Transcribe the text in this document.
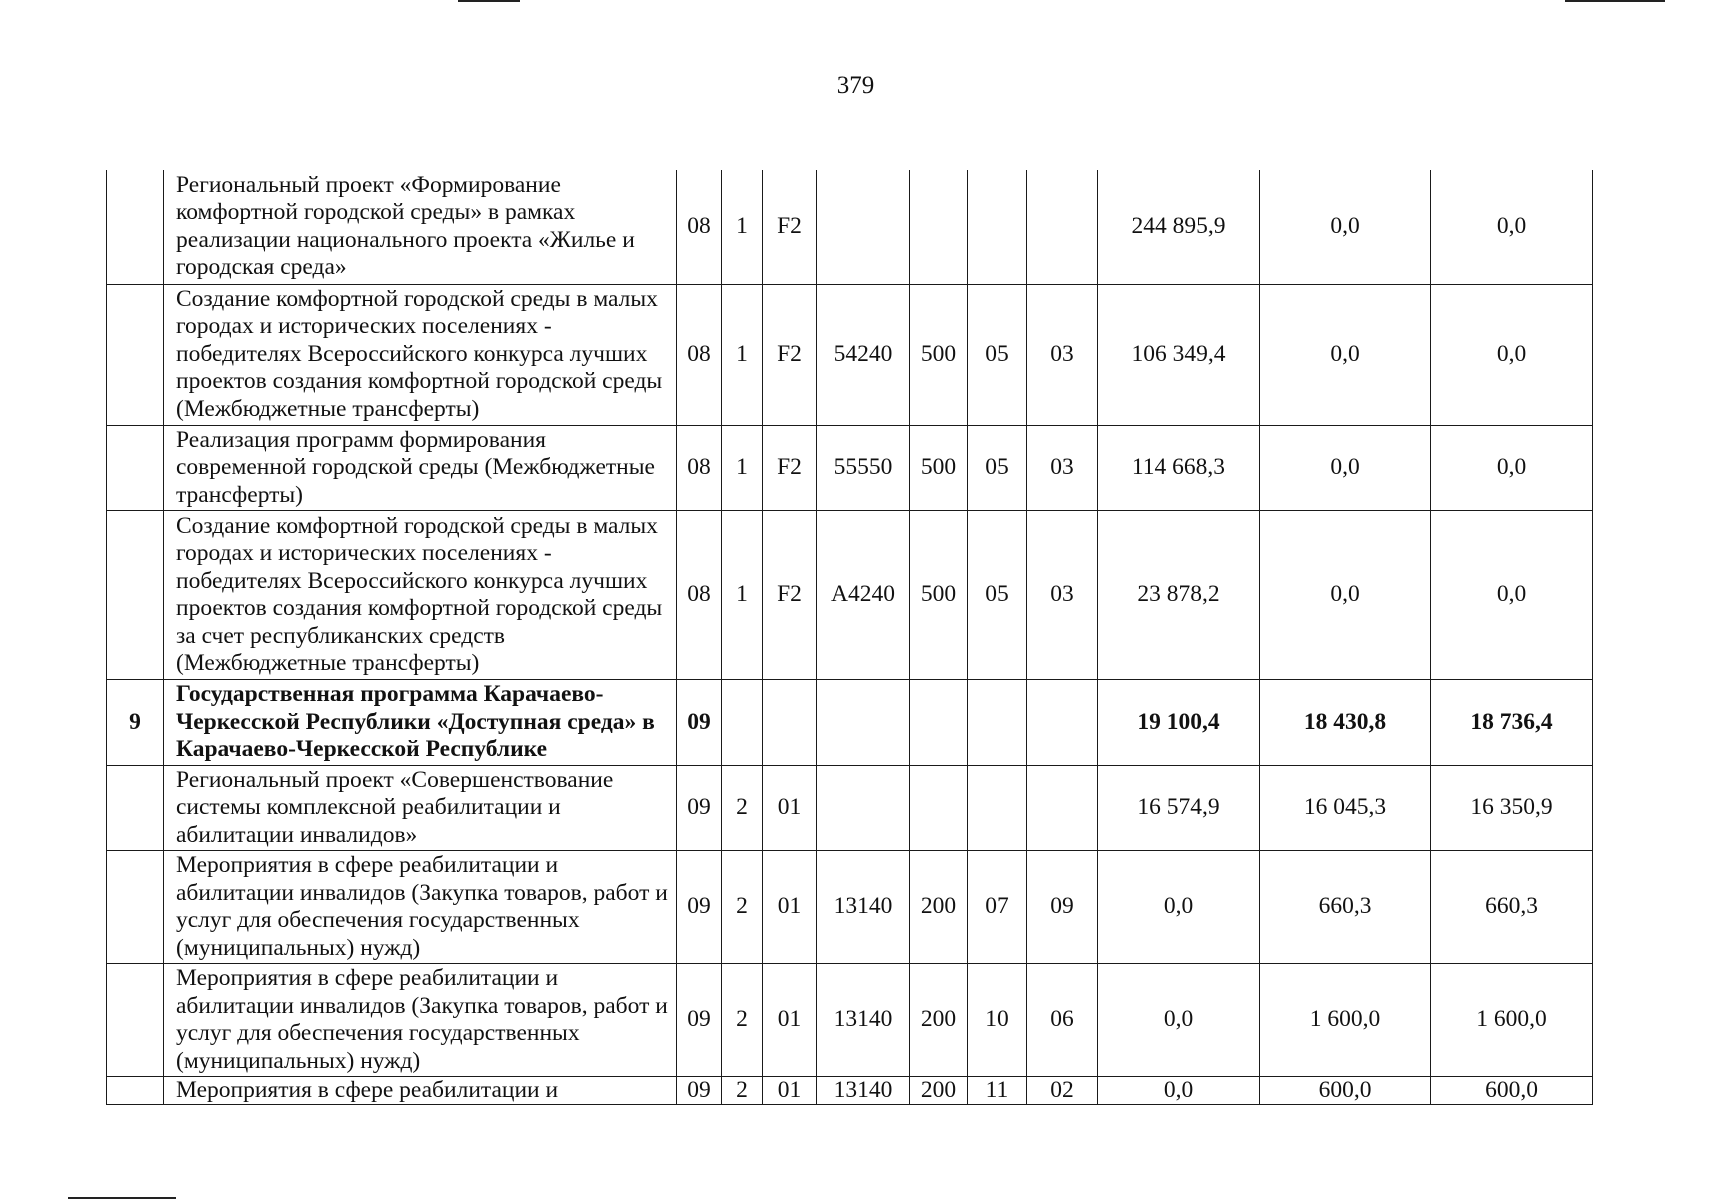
379
	Региональный проект «Формирование комфортной городской среды» в рамках реализации национального проекта «Жилье и городская среда»	08	1	F2					244 895,9	0,0	0,0
	Создание комфортной городской среды в малых городах и исторических поселениях - победителях Всероссийского конкурса лучших проектов создания комфортной городской среды (Межбюджетные трансферты)	08	1	F2	54240	500	05	03	106 349,4	0,0	0,0
	Реализация программ формирования современной городской среды (Межбюджетные трансферты)	08	1	F2	55550	500	05	03	114 668,3	0,0	0,0
	Создание комфортной городской среды в малых городах и исторических поселениях - победителях Всероссийского конкурса лучших проектов создания комфортной городской среды за счет республиканских средств (Межбюджетные трансферты)	08	1	F2	А4240	500	05	03	23 878,2	0,0	0,0
9	Государственная программа Карачаево-Черкесской Республики «Доступная среда» в Карачаево-Черкесской Республике	09							19 100,4	18 430,8	18 736,4
	Региональный проект «Совершенствование системы комплексной реабилитации и абилитации инвалидов»	09	2	01					16 574,9	16 045,3	16 350,9
	Мероприятия в сфере реабилитации и абилитации инвалидов (Закупка товаров, работ и услуг для обеспечения государственных (муниципальных) нужд)	09	2	01	13140	200	07	09	0,0	660,3	660,3
	Мероприятия в сфере реабилитации и абилитации инвалидов (Закупка товаров, работ и услуг для обеспечения государственных (муниципальных) нужд)	09	2	01	13140	200	10	06	0,0	1 600,0	1 600,0
	Мероприятия в сфере реабилитации и	09	2	01	13140	200	11	02	0,0	600,0	600,0
